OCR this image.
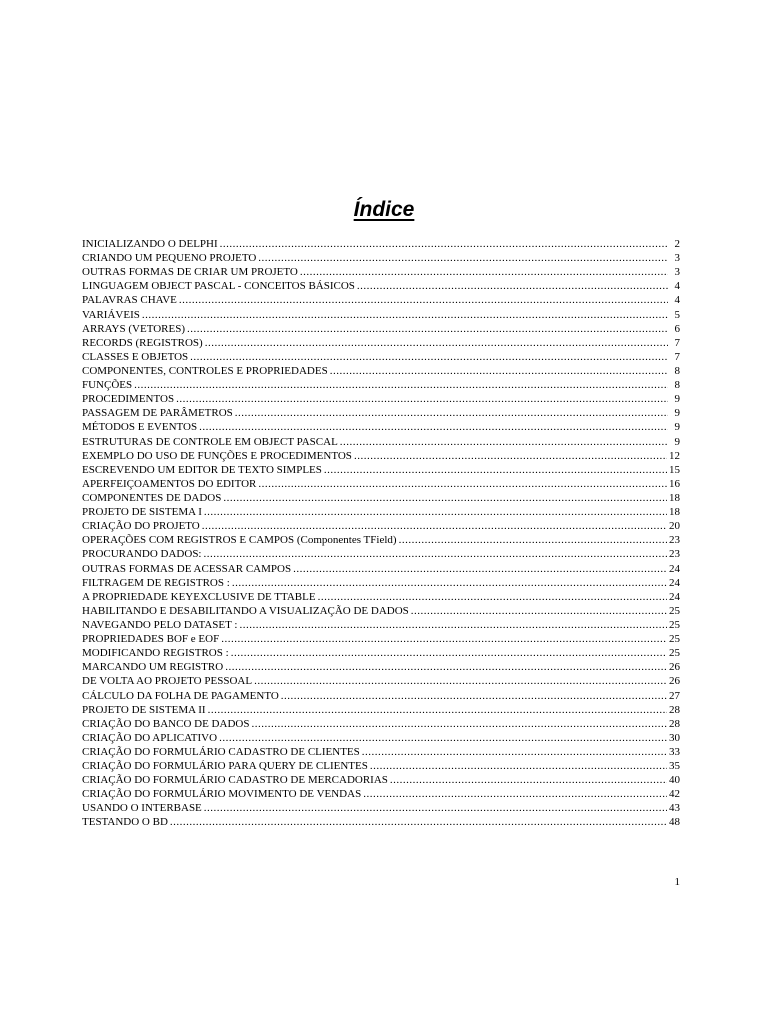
Índice
INICIALIZANDO O DELPHI .....	2
CRIANDO UM PEQUENO PROJETO .....	3
OUTRAS FORMAS DE CRIAR UM PROJETO .....	3
LINGUAGEM OBJECT PASCAL - CONCEITOS BÁSICOS .....	4
PALAVRAS CHAVE .....	4
VARIÁVEIS .....	5
ARRAYS (VETORES) .....	6
RECORDS (REGISTROS) .....	7
CLASSES E OBJETOS .....	7
COMPONENTES, CONTROLES E PROPRIEDADES .....	8
FUNÇÕES .....	8
PROCEDIMENTOS .....	9
PASSAGEM DE PARÂMETROS .....	9
MÉTODOS E EVENTOS .....	9
ESTRUTURAS DE CONTROLE EM OBJECT PASCAL .....	9
EXEMPLO DO USO DE FUNÇÕES E PROCEDIMENTOS .....	12
ESCREVENDO UM EDITOR DE TEXTO SIMPLES .....	15
APERFEIÇOAMENTOS DO EDITOR .....	16
COMPONENTES DE DADOS .....	18
PROJETO DE SISTEMA I .....	18
CRIAÇÃO DO PROJETO .....	20
OPERAÇÕES COM REGISTROS E CAMPOS (Componentes TField) .....	23
PROCURANDO DADOS: .....	23
OUTRAS FORMAS DE ACESSAR CAMPOS .....	24
FILTRAGEM DE REGISTROS : .....	24
A PROPRIEDADE KEYEXCLUSIVE DE TTABLE .....	24
HABILITANDO E DESABILITANDO A VISUALIZAÇÃO DE DADOS .....	25
NAVEGANDO PELO DATASET : .....	25
PROPRIEDADES BOF e EOF .....	25
MODIFICANDO REGISTROS : .....	25
MARCANDO UM REGISTRO .....	26
DE VOLTA AO PROJETO PESSOAL .....	26
CÁLCULO DA FOLHA DE PAGAMENTO .....	27
PROJETO DE SISTEMA II .....	28
CRIAÇÃO DO BANCO DE DADOS .....	28
CRIAÇÃO DO APLICATIVO .....	30
CRIAÇÃO DO FORMULÁRIO CADASTRO DE CLIENTES .....	33
CRIAÇÃO DO FORMULÁRIO PARA QUERY DE CLIENTES .....	35
CRIAÇÃO DO FORMULÁRIO CADASTRO DE MERCADORIAS .....	40
CRIAÇÃO DO FORMULÁRIO MOVIMENTO DE VENDAS .....	42
USANDO O INTERBASE .....	43
TESTANDO O BD .....	48
1
